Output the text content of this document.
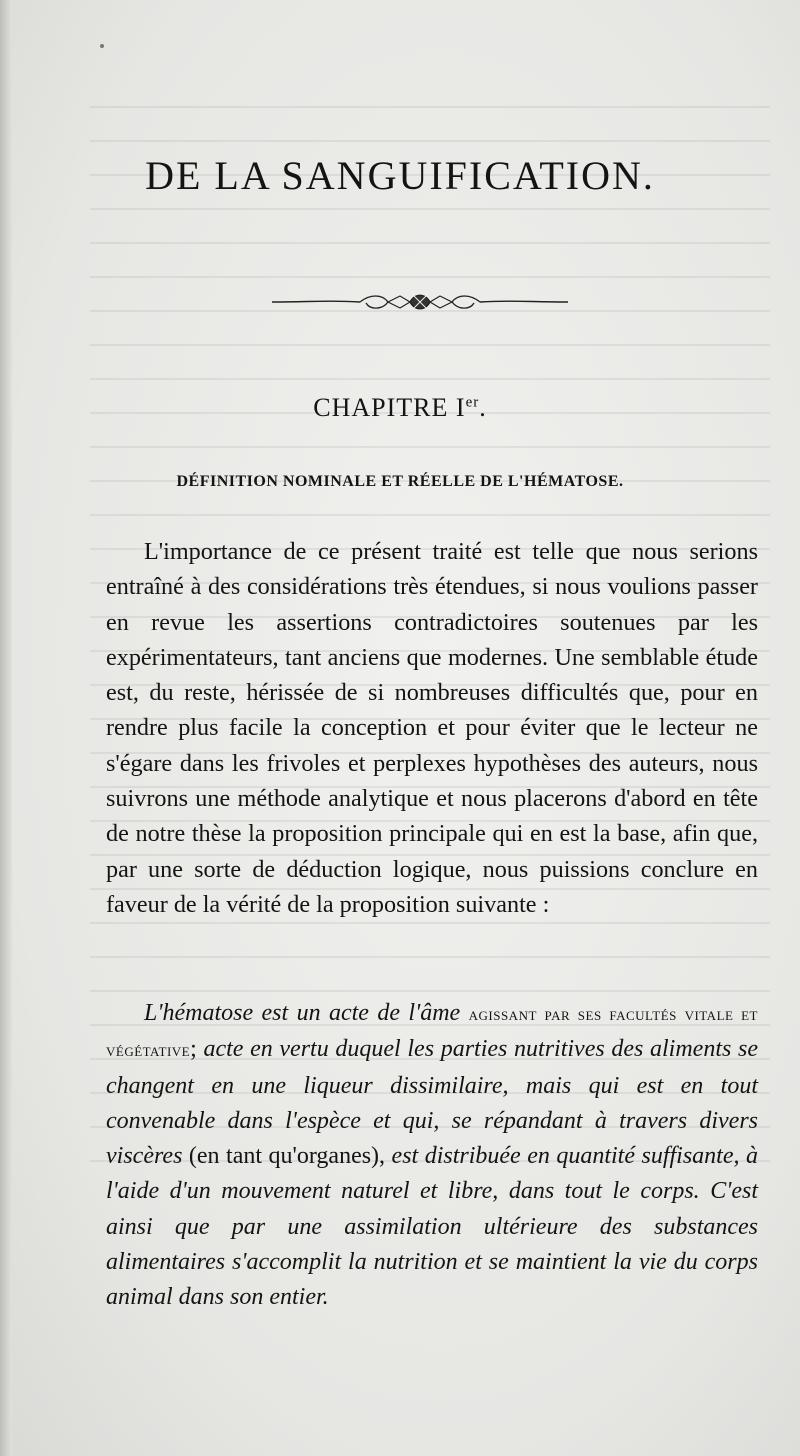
DE LA SANGUIFICATION.
CHAPITRE Ier.
DÉFINITION NOMINALE ET RÉELLE DE L'HÉMATOSE.

L'importance de ce présent traité est telle que nous serions entraîné à des considérations très étendues, si nous voulions passer en revue les assertions contradictoires soutenues par les expérimentateurs, tant anciens que modernes. Une semblable étude est, du reste, hérissée de si nombreuses difficultés que, pour en rendre plus facile la conception et pour éviter que le lecteur ne s'égare dans les frivoles et perplexes hypothèses des auteurs, nous suivrons une méthode analytique et nous placerons d'abord en tête de notre thèse la proposition principale qui en est la base, afin que, par une sorte de déduction logique, nous puissions conclure en faveur de la vérité de la proposition suivante :

L'hématose est un acte de l'âme agissant par ses facultés vitale et végétative; acte en vertu duquel les parties nutritives des aliments se changent en une liqueur dissimilaire, mais qui est en tout convenable dans l'espèce et qui, se répandant à travers divers viscères (en tant qu'organes), est distribuée en quantité suffisante, à l'aide d'un mouvement naturel et libre, dans tout le corps. C'est ainsi que par une assimilation ultérieure des substances alimentaires s'accomplit la nutrition et se maintient la vie du corps animal dans son entier.
